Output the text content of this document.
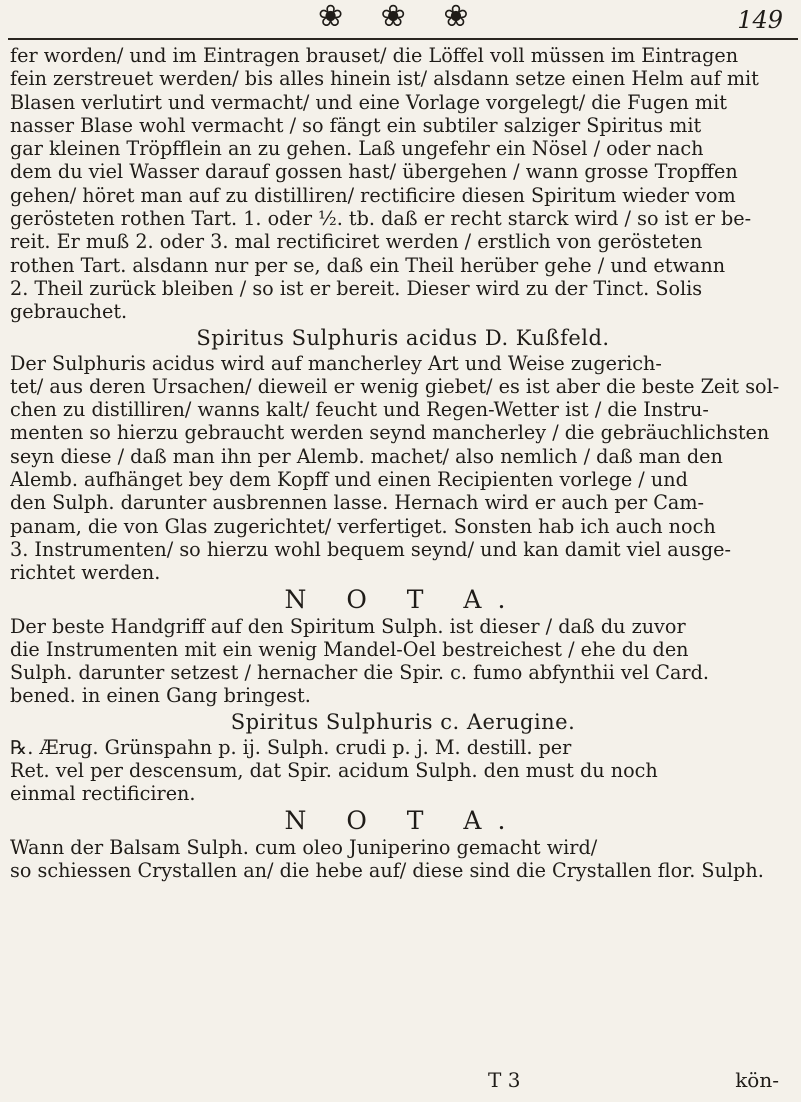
❀ ❀ ❀	149
fer worden/ und im Eintragen brauset/ die Löffel voll müssen im Eintragen
fein zerstreuet werden/ bis alles hinein ist/ alsdann setze einen Helm auf mit
Blasen verlutirt und vermacht/ und eine Vorlage vorgelegt/ die Fugen mit
nasser Blase wohl vermacht / so fängt ein subtiler salziger Spiritus mit
gar kleinen Tröpfflein an zu gehen. Laß ungefehr ein Nösel / oder nach
dem du viel Wasser darauf gossen hast/ übergehen / wann grosse Tropffen
gehen/ höret man auf zu distilliren/ rectificire diesen Spiritum wieder vom
gerösteten rothen Tart. 1. oder ½. tb. daß er recht starck wird / so ist er be-
reit. Er muß 2. oder 3. mal rectificiret werden / erstlich von gerösteten
rothen Tart. alsdann nur per se, daß ein Theil herüber gehe / und etwann
2. Theil zurück bleiben / so ist er bereit. Dieser wird zu der Tinct. Solis
gebrauchet.
Spiritus Sulphuris acidus D. Kußfeld.
Der Sulphuris acidus wird auf mancherley Art und Weise zugerich-
tet/ aus deren Ursachen/ dieweil er wenig giebet/ es ist aber die beste Zeit sol-
chen zu distilliren/ wanns kalt/ feucht und Regen-Wetter ist / die Instru-
menten so hierzu gebraucht werden seynd mancherley / die gebräuchlichsten
seyn diese / daß man ihn per Alemb. machet/ also nemlich / daß man den
Alemb. aufhänget bey dem Kopff und einen Recipienten vorlege / und
den Sulph. darunter ausbrennen lasse. Hernach wird er auch per Cam-
panam, die von Glas zugerichtet/ verfertiget. Sonsten hab ich auch noch
3. Instrumenten/ so hierzu wohl bequem seynd/ und kan damit viel ausge-
richtet werden.
N O T A.
Der beste Handgriff auf den Spiritum Sulph. ist dieser / daß du zuvor
die Instrumenten mit ein wenig Mandel-Oel bestreichest / ehe du den
Sulph. darunter setzest / hernacher die Spir. c. fumo abfynthii vel Card.
bened. in einen Gang bringest.
Spiritus Sulphuris c. Aerugine.
℞. Ærug. Grünspahn p. ij. Sulph. crudi p. j. M. destill. per
Ret. vel per descensum, dat Spir. acidum Sulph. den must du noch
einmal rectificiren.
N O T A.
Wann der Balsam Sulph. cum oleo Juniperino gemacht wird/
so schiessen Crystallen an/ die hebe auf/ diese sind die Crystallen flor. Sulph.
T 3	kön-
